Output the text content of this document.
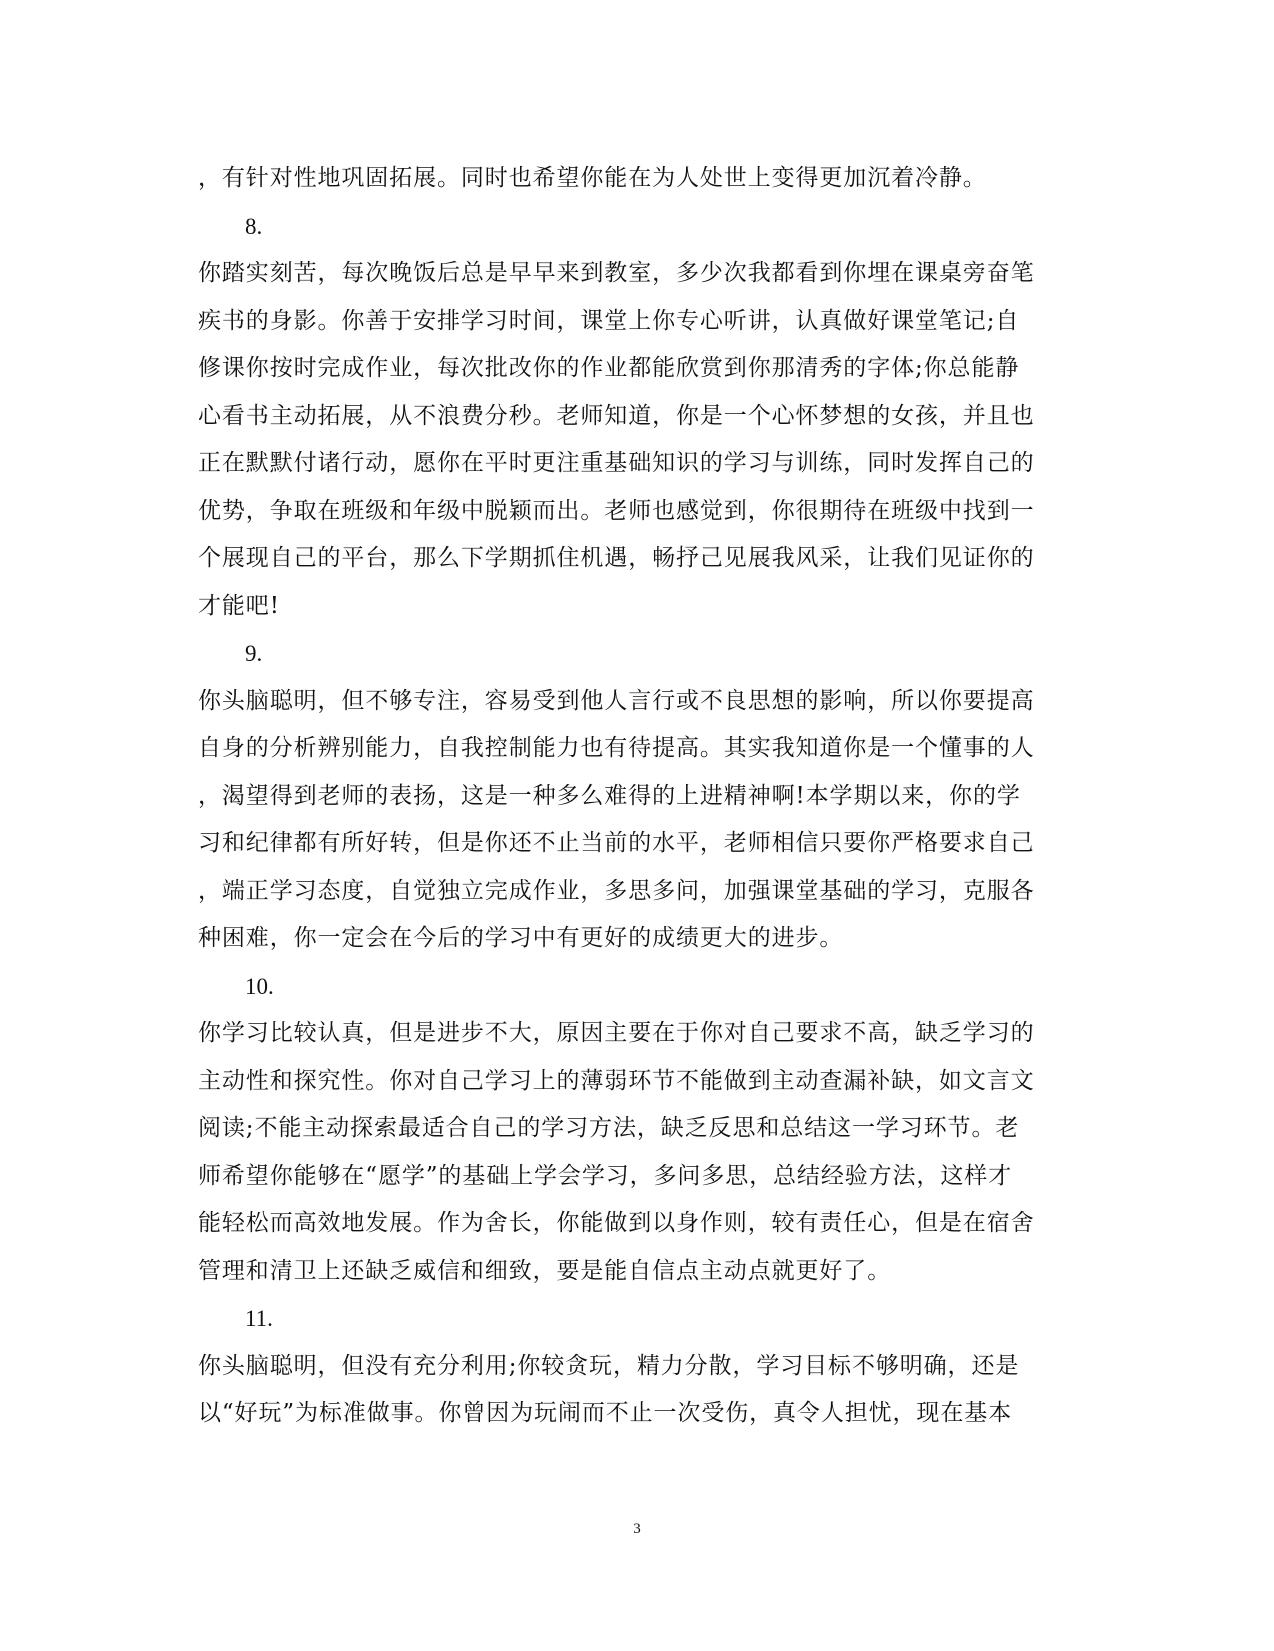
，有针对性地巩固拓展。同时也希望你能在为人处世上变得更加沉着冷静。
8.
你踏实刻苦，每次晚饭后总是早早来到教室，多少次我都看到你埋在课桌旁奋笔
疾书的身影。你善于安排学习时间，课堂上你专心听讲，认真做好课堂笔记;自
修课你按时完成作业，每次批改你的作业都能欣赏到你那清秀的字体;你总能静
心看书主动拓展，从不浪费分秒。老师知道，你是一个心怀梦想的女孩，并且也
正在默默付诸行动，愿你在平时更注重基础知识的学习与训练，同时发挥自己的
优势，争取在班级和年级中脱颖而出。老师也感觉到，你很期待在班级中找到一
个展现自己的平台，那么下学期抓住机遇，畅抒己见展我风采，让我们见证你的
才能吧!
9.
你头脑聪明，但不够专注，容易受到他人言行或不良思想的影响，所以你要提高
自身的分析辨别能力，自我控制能力也有待提高。其实我知道你是一个懂事的人
，渴望得到老师的表扬，这是一种多么难得的上进精神啊!本学期以来，你的学
习和纪律都有所好转，但是你还不止当前的水平，老师相信只要你严格要求自己
，端正学习态度，自觉独立完成作业，多思多问，加强课堂基础的学习，克服各
种困难，你一定会在今后的学习中有更好的成绩更大的进步。
10.
你学习比较认真，但是进步不大，原因主要在于你对自己要求不高，缺乏学习的
主动性和探究性。你对自己学习上的薄弱环节不能做到主动查漏补缺，如文言文
阅读;不能主动探索最适合自己的学习方法，缺乏反思和总结这一学习环节。老
师希望你能够在“愿学”的基础上学会学习，多问多思，总结经验方法，这样才
能轻松而高效地发展。作为舍长，你能做到以身作则，较有责任心，但是在宿舍
管理和清卫上还缺乏威信和细致，要是能自信点主动点就更好了。
11.
你头脑聪明，但没有充分利用;你较贪玩，精力分散，学习目标不够明确，还是
以“好玩”为标准做事。你曾因为玩闹而不止一次受伤，真令人担忧，现在基本
3
